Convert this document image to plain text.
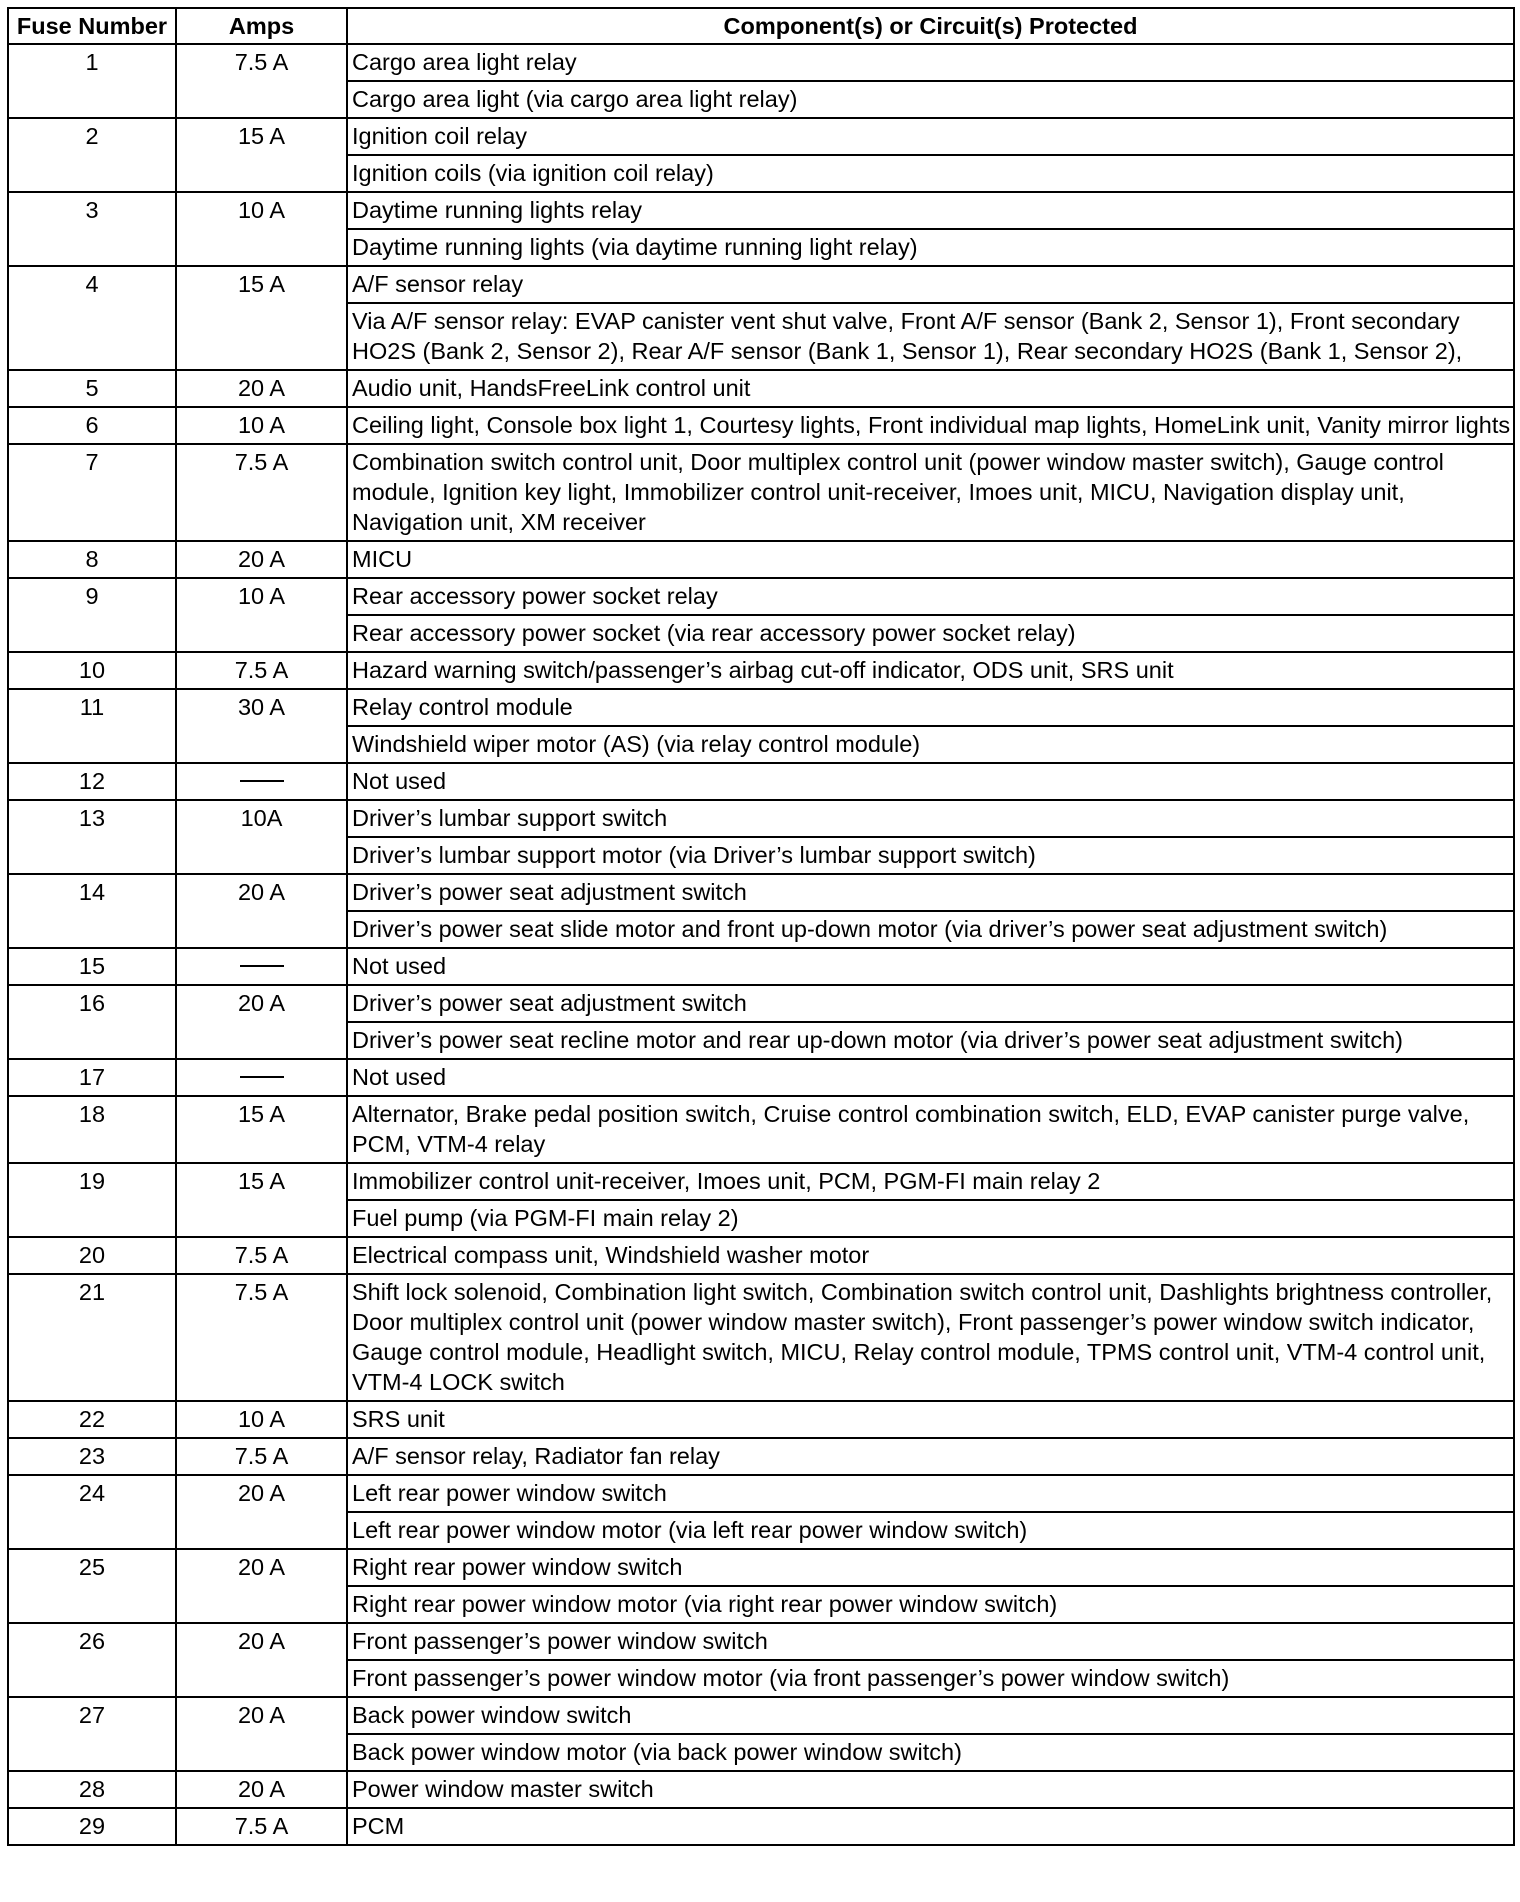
Fuse Number	Amps	Component(s) or Circuit(s) Protected
1	7.5 A	Cargo area light relay
		Cargo area light (via cargo area light relay)
2	15 A	Ignition coil relay
		Ignition coils (via ignition coil relay)
3	10 A	Daytime running lights relay
		Daytime running lights (via daytime running light relay)
4	15 A	A/F sensor relay
		Via A/F sensor relay: EVAP canister vent shut valve, Front A/F sensor (Bank 2, Sensor 1), Front secondary HO2S (Bank 2, Sensor 2), Rear A/F sensor (Bank 1, Sensor 1), Rear secondary HO2S (Bank 1, Sensor 2),
5	20 A	Audio unit, HandsFreeLink control unit
6	10 A	Ceiling light, Console box light 1, Courtesy lights, Front individual map lights, HomeLink unit, Vanity mirror lights
7	7.5 A	Combination switch control unit, Door multiplex control unit (power window master switch), Gauge control module, Ignition key light, Immobilizer control unit-receiver, Imoes unit, MICU, Navigation display unit, Navigation unit, XM receiver
8	20 A	MICU
9	10 A	Rear accessory power socket relay
		Rear accessory power socket (via rear accessory power socket relay)
10	7.5 A	Hazard warning switch/passenger’s airbag cut-off indicator, ODS unit, SRS unit
11	30 A	Relay control module
		Windshield wiper motor (AS) (via relay control module)
12		Not used
13	10A	Driver’s lumbar support switch
		Driver’s lumbar support motor (via Driver’s lumbar support switch)
14	20 A	Driver’s power seat adjustment switch
		Driver’s power seat slide motor and front up-down motor (via driver’s power seat adjustment switch)
15		Not used
16	20 A	Driver’s power seat adjustment switch
		Driver’s power seat recline motor and rear up-down motor (via driver’s power seat adjustment switch)
17		Not used
18	15 A	Alternator, Brake pedal position switch, Cruise control combination switch, ELD, EVAP canister purge valve, PCM, VTM-4 relay
19	15 A	Immobilizer control unit-receiver, Imoes unit, PCM, PGM-FI main relay 2
		Fuel pump (via PGM-FI main relay 2)
20	7.5 A	Electrical compass unit, Windshield washer motor
21	7.5 A	Shift lock solenoid, Combination light switch, Combination switch control unit, Dashlights brightness controller, Door multiplex control unit (power window master switch), Front passenger’s power window switch indicator, Gauge control module, Headlight switch, MICU, Relay control module, TPMS control unit, VTM-4 control unit, VTM-4 LOCK switch
22	10 A	SRS unit
23	7.5 A	A/F sensor relay, Radiator fan relay
24	20 A	Left rear power window switch
		Left rear power window motor (via left rear power window switch)
25	20 A	Right rear power window switch
		Right rear power window motor (via right rear power window switch)
26	20 A	Front passenger’s power window switch
		Front passenger’s power window motor (via front passenger’s power window switch)
27	20 A	Back power window switch
		Back power window motor (via back power window switch)
28	20 A	Power window master switch
29	7.5 A	PCM
